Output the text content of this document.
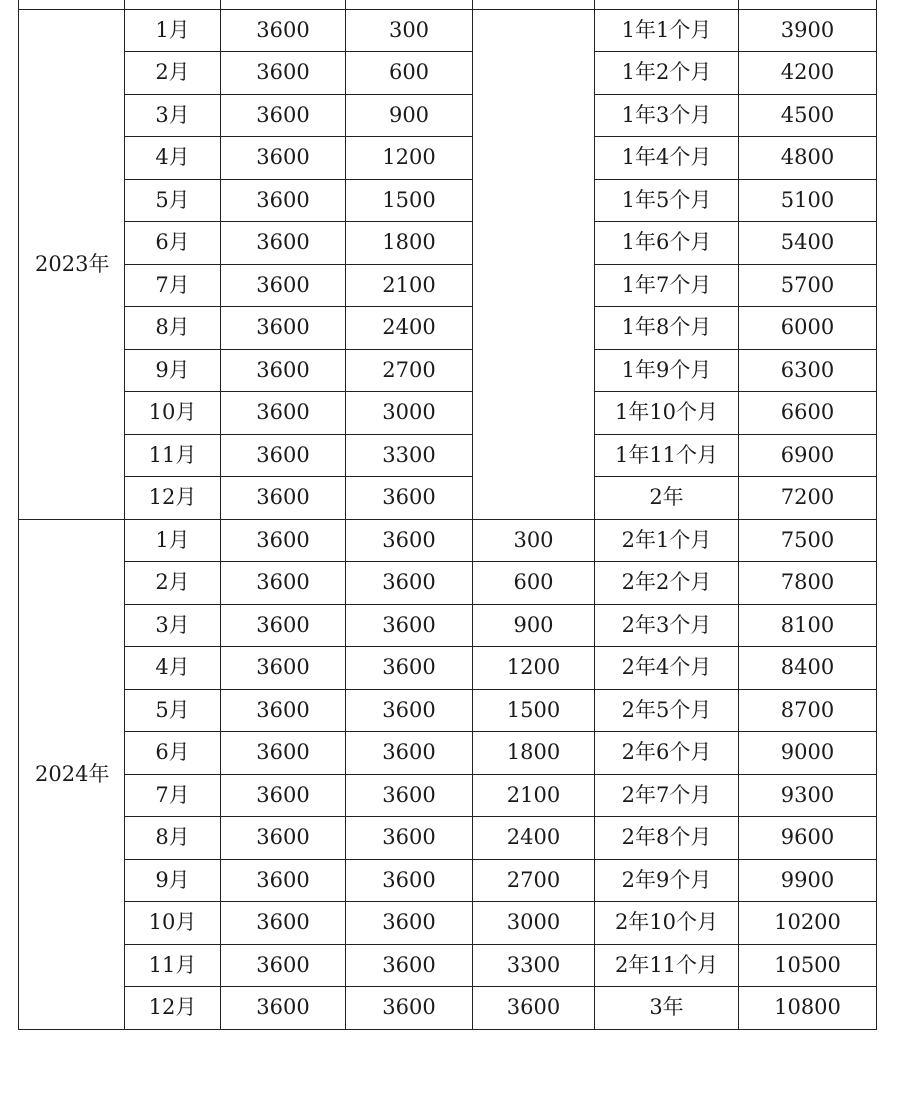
2023年	1月	3600	300		1年1个月	3900
	2月	3600	600		1年2个月	4200
	3月	3600	900		1年3个月	4500
	4月	3600	1200		1年4个月	4800
	5月	3600	1500		1年5个月	5100
	6月	3600	1800		1年6个月	5400
	7月	3600	2100		1年7个月	5700
	8月	3600	2400		1年8个月	6000
	9月	3600	2700		1年9个月	6300
	10月	3600	3000		1年10个月	6600
	11月	3600	3300		1年11个月	6900
	12月	3600	3600		2年	7200
2024年	1月	3600	3600	300	2年1个月	7500
	2月	3600	3600	600	2年2个月	7800
	3月	3600	3600	900	2年3个月	8100
	4月	3600	3600	1200	2年4个月	8400
	5月	3600	3600	1500	2年5个月	8700
	6月	3600	3600	1800	2年6个月	9000
	7月	3600	3600	2100	2年7个月	9300
	8月	3600	3600	2400	2年8个月	9600
	9月	3600	3600	2700	2年9个月	9900
	10月	3600	3600	3000	2年10个月	10200
	11月	3600	3600	3300	2年11个月	10500
	12月	3600	3600	3600	3年	10800
